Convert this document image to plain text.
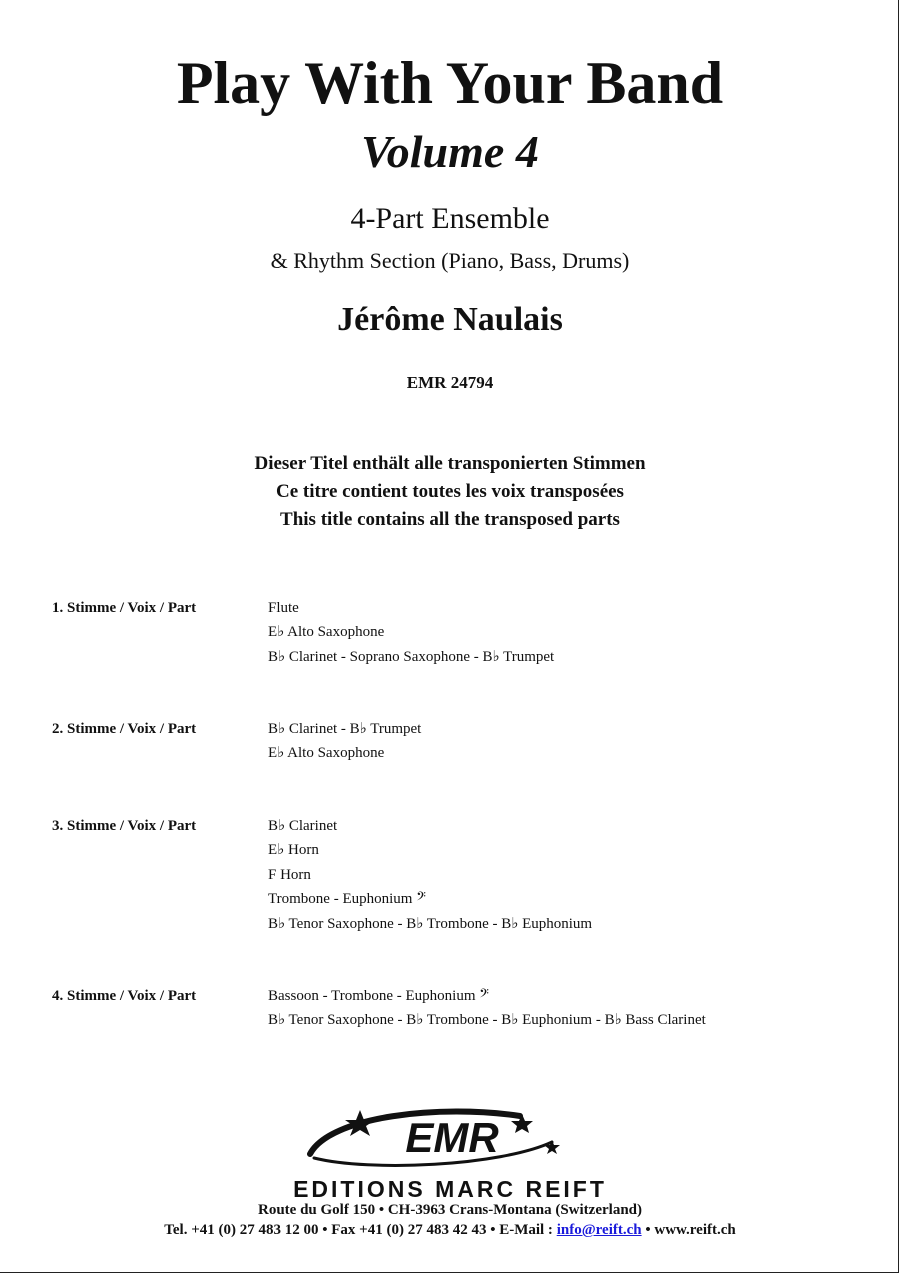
Play With Your Band
Volume 4
4-Part Ensemble
& Rhythm Section (Piano, Bass, Drums)
Jérôme Naulais
EMR 24794
Dieser Titel enthält alle transponierten Stimmen
Ce titre contient toutes les voix transposées
This title contains all the transposed parts
1. Stimme / Voix / Part	Flute
E♭ Alto Saxophone
B♭ Clarinet - Soprano Saxophone - B♭ Trumpet
2. Stimme / Voix / Part	B♭ Clarinet - B♭ Trumpet
E♭ Alto Saxophone
3. Stimme / Voix / Part	B♭ Clarinet
E♭ Horn
F Horn
Trombone - Euphonium 𝄢
B♭ Tenor Saxophone - B♭ Trombone - B♭ Euphonium
4. Stimme / Voix / Part	Bassoon - Trombone - Euphonium 𝄢
B♭ Tenor Saxophone - B♭ Trombone - B♭ Euphonium - B♭ Bass Clarinet
EMR
EDITIONS MARC REIFT
Route du Golf 150 • CH-3963 Crans-Montana (Switzerland)
Tel. +41 (0) 27 483 12 00 • Fax +41 (0) 27 483 42 43 • E-Mail : info@reift.ch • www.reift.ch
